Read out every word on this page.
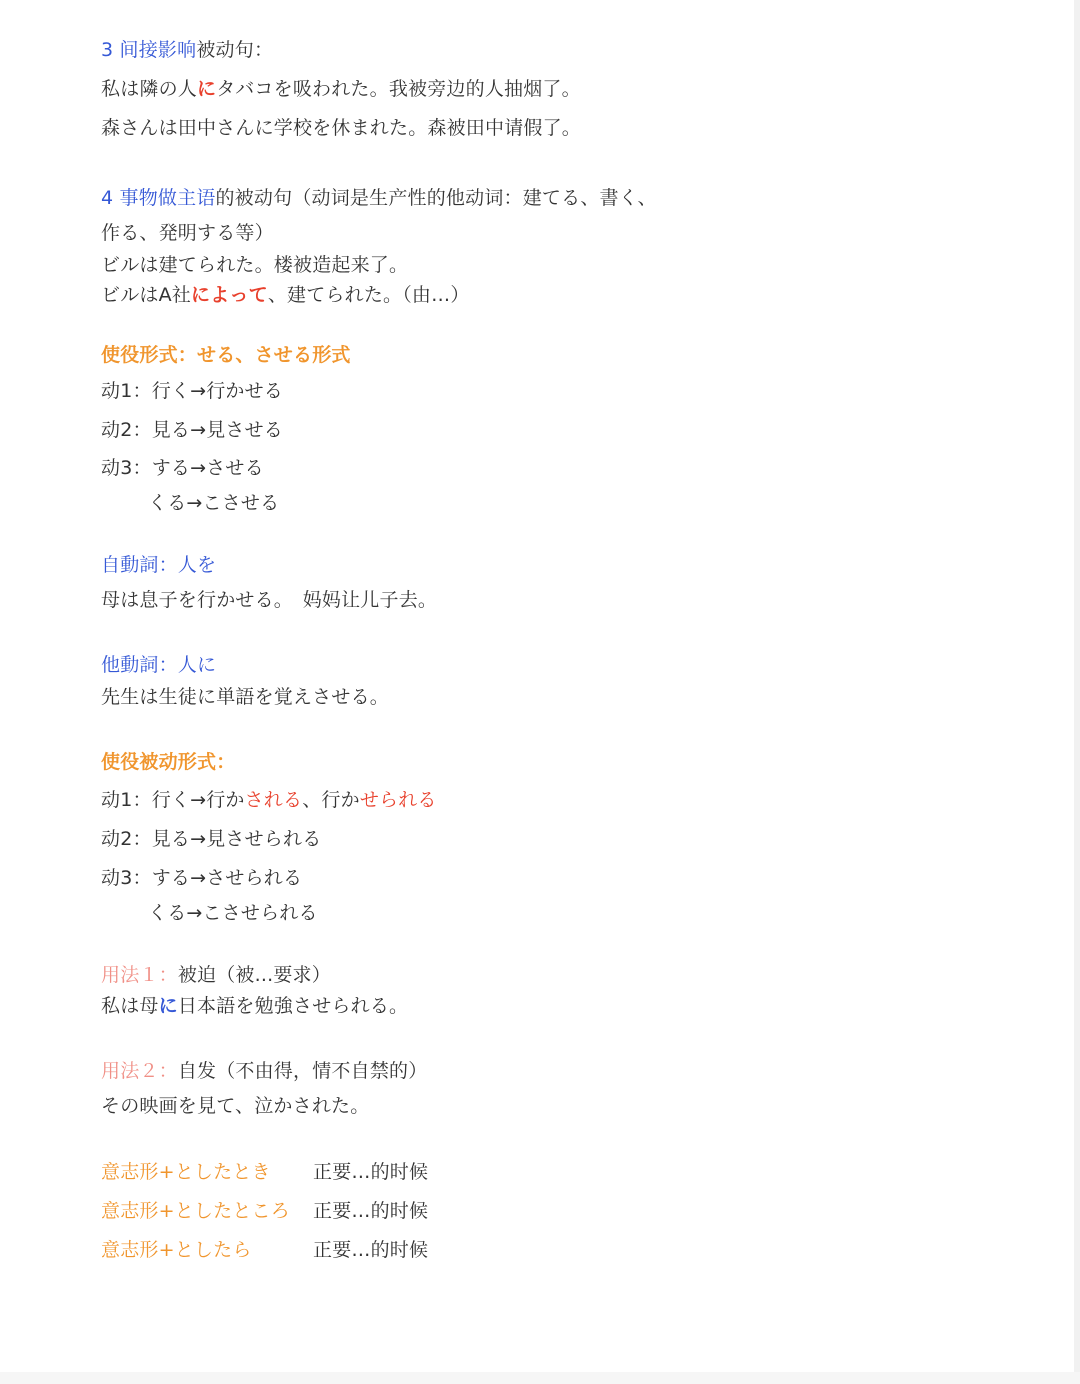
3 间接影响被动句：
私は隣の人にタバコを吸われた。我被旁边的人抽烟了。
森さんは田中さんに学校を休まれた。森被田中请假了。
4 事物做主语的被动句（动词是生产性的他动词：建てる、書く、
作る、発明する等）
ビルは建てられた。楼被造起来了。
ビルはA社によって、建てられた。（由…）
使役形式：せる、させる形式
动1：行く→行かせる
动2：見る→見させる
动3：する→させる
くる→こさせる
自動詞：人を
母は息子を行かせる。　妈妈让儿子去。
他動詞：人に
先生は生徒に単語を覚えさせる。
使役被动形式：
动1：行く→行かされる、行かせられる
动2：見る→見させられる
动3：する→させられる
くる→こさせられる
用法１：被迫（被...要求）
私は母に日本語を勉強させられる。
用法２：自发（不由得，情不自禁的）
その映画を見て、泣かされた。
意志形+としたとき 正要…的时候
意志形+としたところ 正要…的时候
意志形+としたら	正要…的时候
